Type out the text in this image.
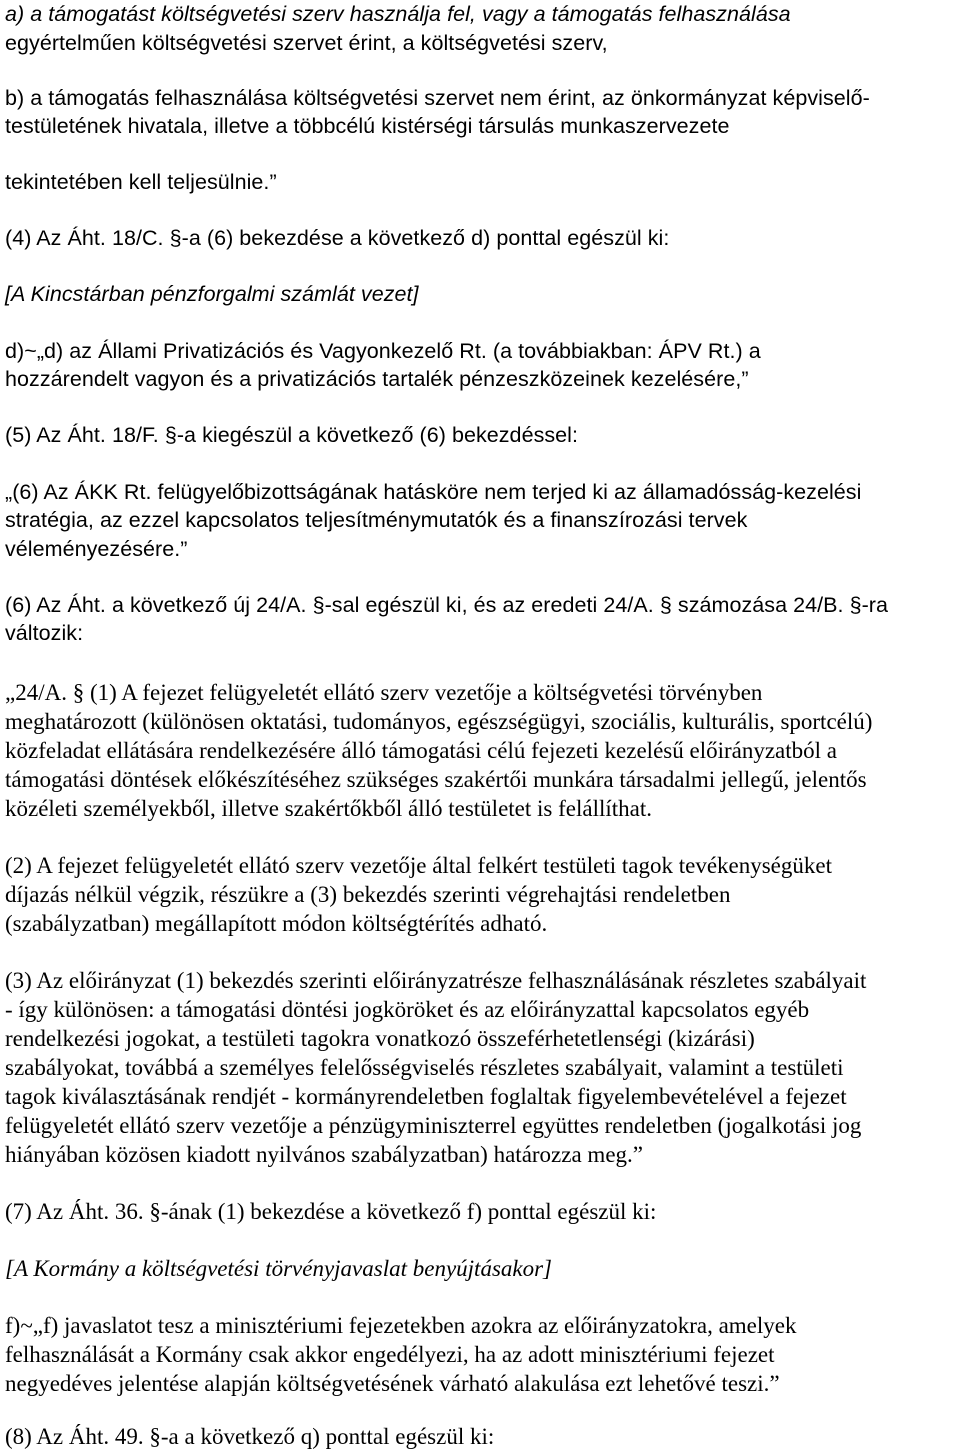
a) a támogatást költségvetési szerv használja fel, vagy a támogatás felhasználása
egyértelműen költségvetési szervet érint, a költségvetési szerv,
b) a támogatás felhasználása költségvetési szervet nem érint, az önkormányzat képviselő-
testületének hivatala, illetve a többcélú kistérségi társulás munkaszervezete
tekintetében kell teljesülnie.”
(4) Az Áht. 18/C. §-a (6) bekezdése a következő d) ponttal egészül ki:
[A Kincstárban pénzforgalmi számlát vezet]
d)~„d) az Állami Privatizációs és Vagyonkezelő Rt. (a továbbiakban: ÁPV Rt.) a
hozzárendelt vagyon és a privatizációs tartalék pénzeszközeinek kezelésére,”
(5) Az Áht. 18/F. §-a kiegészül a következő (6) bekezdéssel:
„(6) Az ÁKK Rt. felügyelőbizottságának hatásköre nem terjed ki az államadósság-kezelési
stratégia, az ezzel kapcsolatos teljesítménymutatók és a finanszírozási tervek
véleményezésére.”
(6) Az Áht. a következő új 24/A. §-sal egészül ki, és az eredeti 24/A. § számozása 24/B. §-ra
változik:
„24/A. § (1) A fejezet felügyeletét ellátó szerv vezetője a költségvetési törvényben
meghatározott (különösen oktatási, tudományos, egészségügyi, szociális, kulturális, sportcélú)
közfeladat ellátására rendelkezésére álló támogatási célú fejezeti kezelésű előirányzatból a
támogatási döntések előkészítéséhez szükséges szakértői munkára társadalmi jellegű, jelentős
közéleti személyekből, illetve szakértőkből álló testületet is felállíthat.
(2) A fejezet felügyeletét ellátó szerv vezetője által felkért testületi tagok tevékenységüket
díjazás nélkül végzik, részükre a (3) bekezdés szerinti végrehajtási rendeletben
(szabályzatban) megállapított módon költségtérítés adható.
(3) Az előirányzat (1) bekezdés szerinti előirányzatrésze felhasználásának részletes szabályait
- így különösen: a támogatási döntési jogköröket és az előirányzattal kapcsolatos egyéb
rendelkezési jogokat, a testületi tagokra vonatkozó összeférhetetlenségi (kizárási)
szabályokat, továbbá a személyes felelősségviselés részletes szabályait, valamint a testületi
tagok kiválasztásának rendjét - kormányrendeletben foglaltak figyelembevételével a fejezet
felügyeletét ellátó szerv vezetője a pénzügyminiszterrel együttes rendeletben (jogalkotási jog
hiányában közösen kiadott nyilvános szabályzatban) határozza meg.”
(7) Az Áht. 36. §-ának (1) bekezdése a következő f) ponttal egészül ki:
[A Kormány a költségvetési törvényjavaslat benyújtásakor]
f)~„f) javaslatot tesz a minisztériumi fejezetekben azokra az előirányzatokra, amelyek
felhasználását a Kormány csak akkor engedélyezi, ha az adott minisztériumi fejezet
negyedéves jelentése alapján költségvetésének várható alakulása ezt lehetővé teszi.”
(8) Az Áht. 49. §-a a következő q) ponttal egészül ki:
